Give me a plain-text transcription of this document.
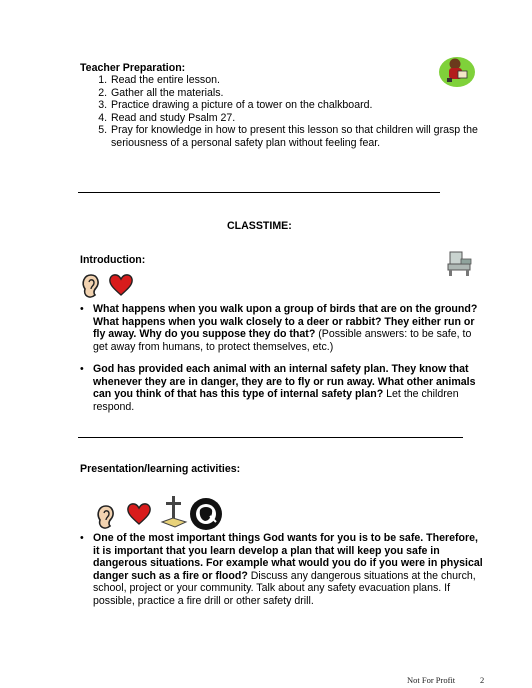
Teacher Preparation:
1. Read the entire lesson.
2. Gather all the materials.
3. Practice drawing a picture of a tower on the chalkboard.
4. Read and study Psalm 27.
5. Pray for knowledge in how to present this lesson so that children will grasp the seriousness of a personal safety plan without feeling fear.
CLASSTIME:
Introduction:
• What happens when you walk upon a group of birds that are on the ground? What happens when you walk closely to a deer or rabbit? They either run or fly away. Why do you suppose they do that? (Possible answers: to be safe, to get away from humans, to protect themselves, etc.)
• God has provided each animal with an internal safety plan. They know that whenever they are in danger, they are to fly or run away. What other animals can you think of that has this type of internal safety plan? Let the children respond.
Presentation/learning activities:
• One of the most important things God wants for you is to be safe. Therefore, it is important that you learn develop a plan that will keep you safe in dangerous situations. For example what would you do if you were in physical danger such as a fire or flood? Discuss any dangerous situations at the church, school, project or your community. Talk about any safety evacuation plans. If possible, practice a fire drill or other safety drill.
Not For Profit	2
